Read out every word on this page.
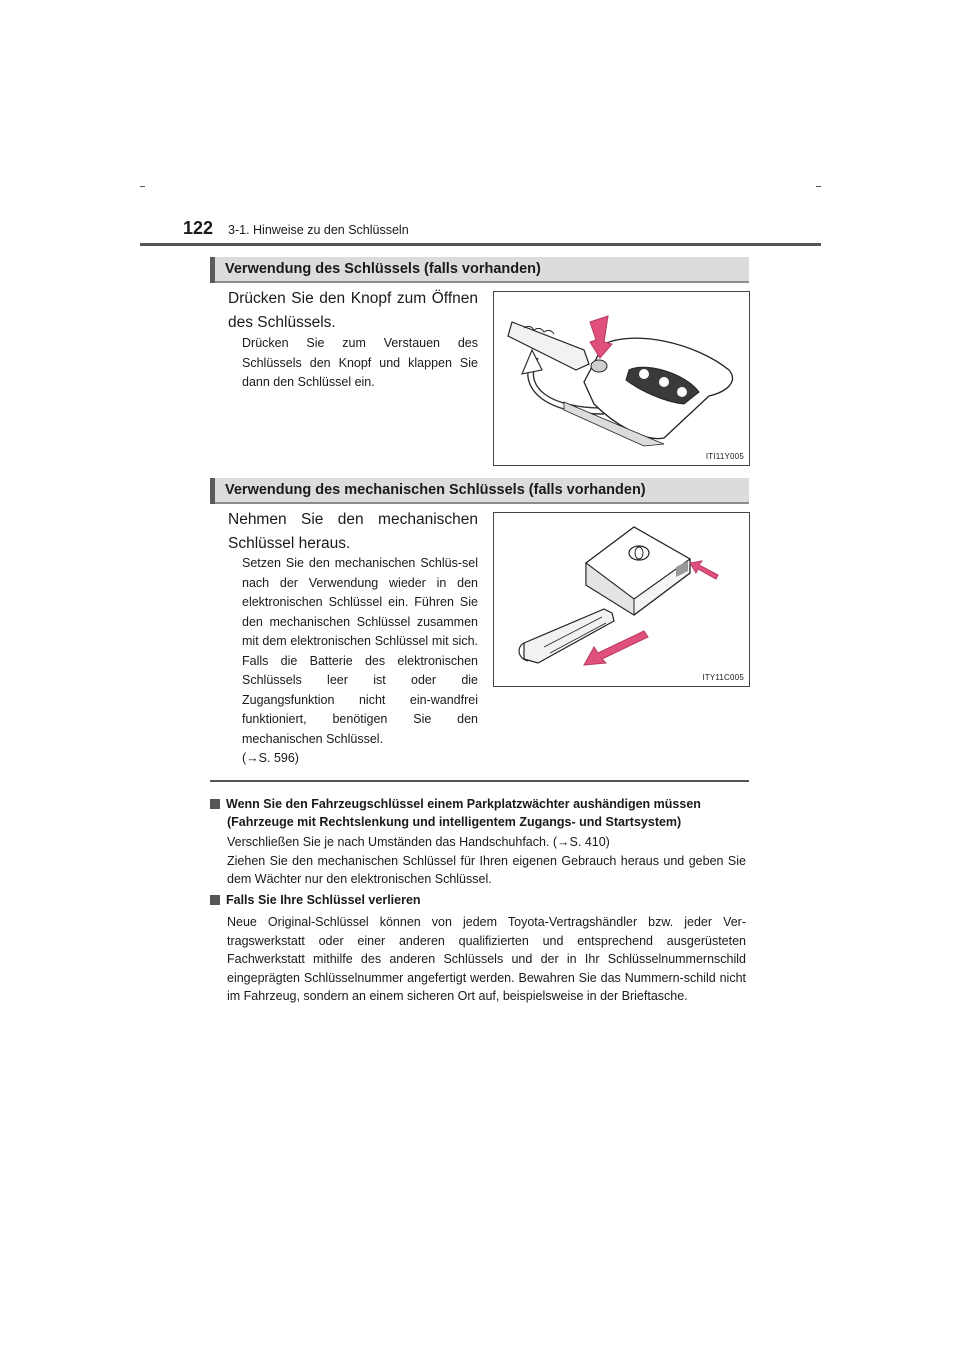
122 3-1. Hinweise zu den Schlüsseln
Verwendung des Schlüssels (falls vorhanden)
Drücken Sie den Knopf zum Öffnen
des Schlüssels.
Drücken Sie zum Verstauen des Schlüssels den Knopf und klappen Sie dann den Schlüssel ein.
ITI11Y005
Verwendung des mechanischen Schlüssels (falls vorhanden)
Nehmen Sie den mechanischen
Schlüssel heraus.
Setzen Sie den mechanischen Schlüs-sel nach der Verwendung wieder in den elektronischen Schlüssel ein. Führen Sie den mechanischen Schlüssel zusammen mit dem elektronischen Schlüssel mit sich. Falls die Batterie des elektronischen Schlüssels leer ist oder die Zugangsfunktion nicht ein-wandfrei funktioniert, benötigen Sie den mechanischen Schlüssel.
(→S. 596)
ITY11C005
Wenn Sie den Fahrzeugschlüssel einem Parkplatzwächter aushändigen müssen
(Fahrzeuge mit Rechtslenkung und intelligentem Zugangs- und Startsystem)

Verschließen Sie je nach Umständen das Handschuhfach. (→S. 410)

Ziehen Sie den mechanischen Schlüssel für Ihren eigenen Gebrauch heraus und geben Sie dem Wächter nur den elektronischen Schlüssel.

Falls Sie Ihre Schlüssel verlieren

Neue Original-Schlüssel können von jedem Toyota-Vertragshändler bzw. jeder Ver-tragswerkstatt oder einer anderen qualifizierten und entsprechend ausgerüsteten Fachwerkstatt mithilfe des anderen Schlüssels und der in Ihr Schlüsselnummernschild eingeprägten Schlüsselnummer angefertigt werden. Bewahren Sie das Nummern-schild nicht im Fahrzeug, sondern an einem sicheren Ort auf, beispielsweise in der Brieftasche.
